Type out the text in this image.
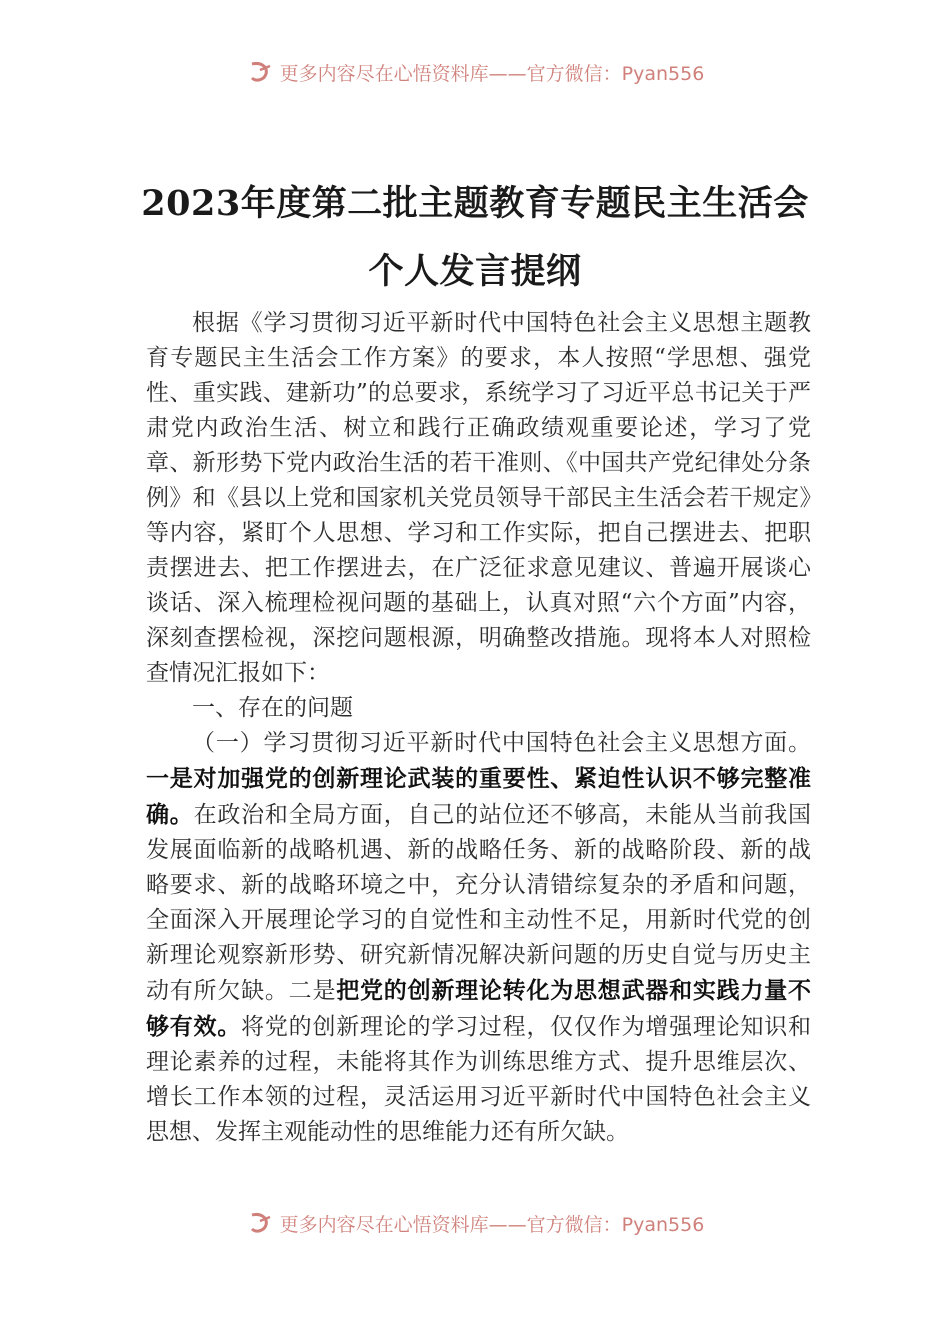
更多内容尽在心悟资料库——官方微信：Pyan556
2023年度第二批主题教育专题民主生活会
个人发言提纲

根据《学习贯彻习近平新时代中国特色社会主义思想主题教育专题民主生活会工作方案》的要求，本人按照“学思想、强党性、重实践、建新功”的总要求，系统学习了习近平总书记关于严肃党内政治生活、树立和践行正确政绩观重要论述，学习了党章、新形势下党内政治生活的若干准则、《中国共产党纪律处分条例》和《县以上党和国家机关党员领导干部民主生活会若干规定》等内容，紧盯个人思想、学习和工作实际，把自己摆进去、把职责摆进去、把工作摆进去，在广泛征求意见建议、普遍开展谈心谈话、深入梳理检视问题的基础上，认真对照“六个方面”内容，深刻查摆检视，深挖问题根源，明确整改措施。现将本人对照检查情况汇报如下：

一、存在的问题

（一）学习贯彻习近平新时代中国特色社会主义思想方面。一是对加强党的创新理论武装的重要性、紧迫性认识不够完整准确。在政治和全局方面，自己的站位还不够高，未能从当前我国发展面临新的战略机遇、新的战略任务、新的战略阶段、新的战略要求、新的战略环境之中，充分认清错综复杂的矛盾和问题，全面深入开展理论学习的自觉性和主动性不足，用新时代党的创新理论观察新形势、研究新情况解决新问题的历史自觉与历史主动有所欠缺。二是把党的创新理论转化为思想武器和实践力量不够有效。将党的创新理论的学习过程，仅仅作为增强理论知识和理论素养的过程，未能将其作为训练思维方式、提升思维层次、增长工作本领的过程，灵活运用习近平新时代中国特色社会主义思想、发挥主观能动性的思维能力还有所欠缺。

更多内容尽在心悟资料库——官方微信：Pyan556
